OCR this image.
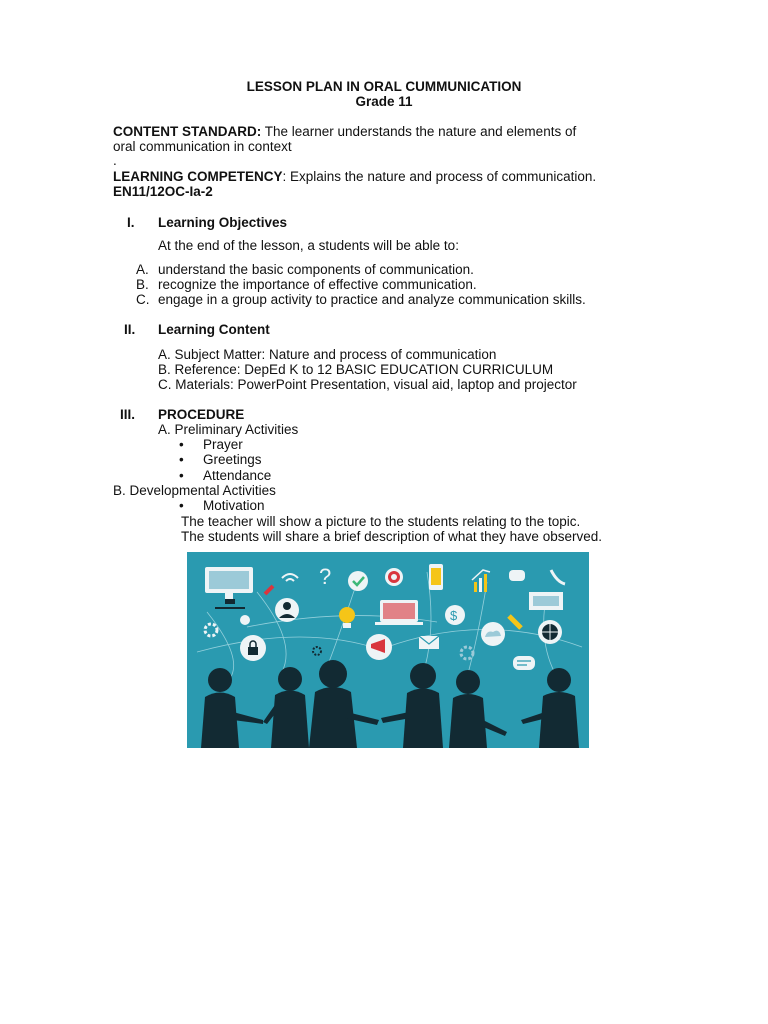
LESSON PLAN IN ORAL CUMMUNICATION
Grade 11
CONTENT STANDARD: The learner understands the nature and elements of
oral communication in context
.
LEARNING COMPETENCY: Explains the nature and process of communication.
EN11/12OC-Ia-2
I. Learning Objectives
At the end of the lesson, a students will be able to:
A. understand the basic components of communication.
B. recognize the importance of effective communication.
C. engage in a group activity to practice and analyze communication skills.
II. Learning Content
A. Subject Matter: Nature and process of communication
B. Reference: DepEd K to 12 BASIC EDUCATION CURRICULUM
C. Materials: PowerPoint Presentation, visual aid, laptop and projector
III. PROCEDURE
A. Preliminary Activities
• Prayer
• Greetings
• Attendance
B. Developmental Activities
• Motivation
The teacher will show a picture to the students relating to the topic.
The students will share a brief description of what they have observed.
?
$
